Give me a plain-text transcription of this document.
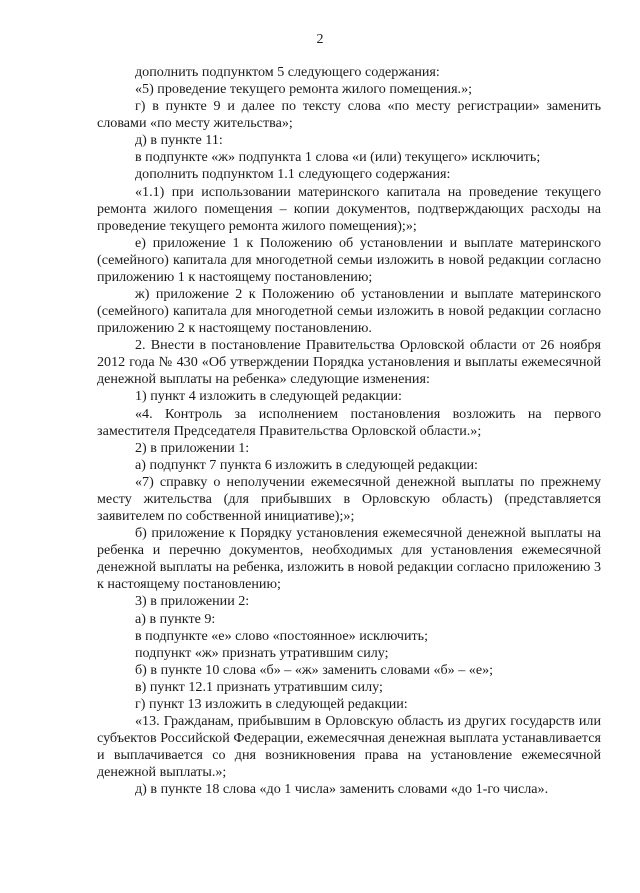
2

дополнить подпунктом 5 следующего содержания:

«5) проведение текущего ремонта жилого помещения.»;

г) в пункте 9 и далее по тексту слова «по месту регистрации» заменить словами «по месту жительства»;

д) в пункте 11:

в подпункте «ж» подпункта 1 слова «и (или) текущего» исключить;

дополнить подпунктом 1.1 следующего содержания:

«1.1) при использовании материнского капитала на проведение текущего ремонта жилого помещения – копии документов, подтверждающих расходы на проведение текущего ремонта жилого помещения);»;

е) приложение 1 к Положению об установлении и выплате материнского (семейного) капитала для многодетной семьи изложить в новой редакции согласно приложению 1 к настоящему постановлению;

ж) приложение 2 к Положению об установлении и выплате материнского (семейного) капитала для многодетной семьи изложить в новой редакции согласно приложению 2 к настоящему постановлению.

2. Внести в постановление Правительства Орловской области от 26 ноября 2012 года № 430 «Об утверждении Порядка установления и выплаты ежемесячной денежной выплаты на ребенка» следующие изменения:

1) пункт 4 изложить в следующей редакции:

«4. Контроль за исполнением постановления возложить на первого заместителя Председателя Правительства Орловской области.»;

2) в приложении 1:

а) подпункт 7 пункта 6 изложить в следующей редакции:

«7) справку о неполучении ежемесячной денежной выплаты по прежнему месту жительства (для прибывших в Орловскую область) (представляется заявителем по собственной инициативе);»;

б) приложение к Порядку установления ежемесячной денежной выплаты на ребенка и перечню документов, необходимых для установления ежемесячной денежной выплаты на ребенка, изложить в новой редакции согласно приложению 3 к настоящему постановлению;

3) в приложении 2:

а) в пункте 9:

в подпункте «е» слово «постоянное» исключить;

подпункт «ж» признать утратившим силу;

б) в пункте 10 слова «б» – «ж» заменить словами «б» – «е»;

в) пункт 12.1 признать утратившим силу;

г) пункт 13 изложить в следующей редакции:

«13. Гражданам, прибывшим в Орловскую область из других государств или субъектов Российской Федерации, ежемесячная денежная выплата устанавливается и выплачивается со дня возникновения права на установление ежемесячной денежной выплаты.»;

д) в пункте 18 слова «до 1 числа» заменить словами «до 1-го числа».
